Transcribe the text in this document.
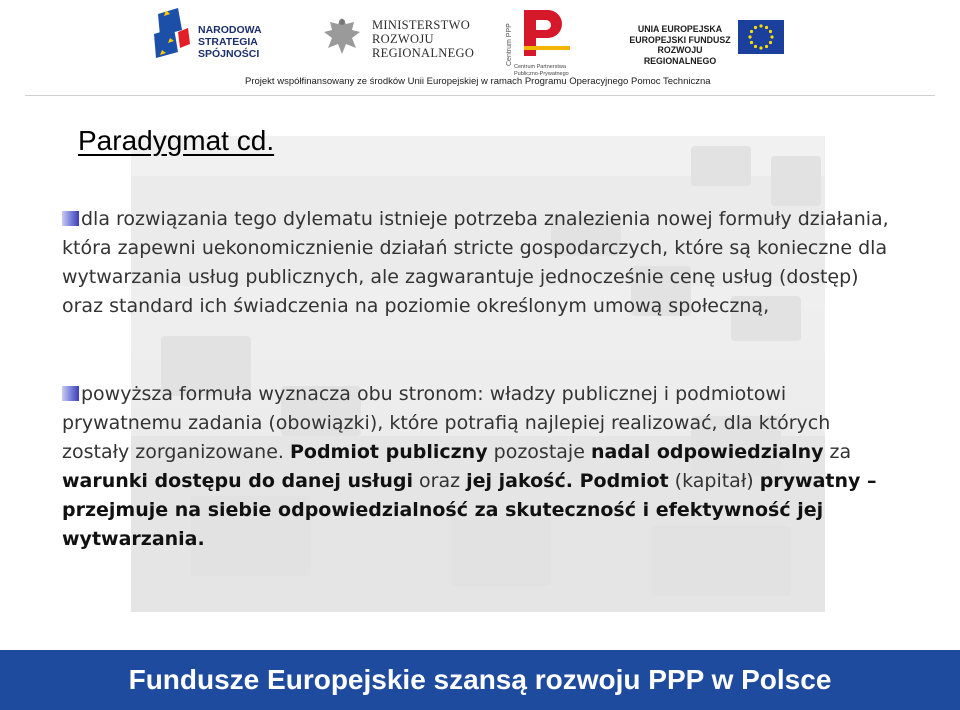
NARODOWA
STRATEGIA SPÓJNOŚCI
MINISTERSTWO
ROZWOJU
REGIONALNEGO	Centrum PPP
Centrum Partnerstwa
Publiczno-Prywatnego
UNIA EUROPEJSKA
EUROPEJSKI FUNDUSZ
ROZWOJU REGIONALNEGO
Projekt współfinansowany ze środków Unii Europejskiej w ramach Programu Operacyjnego Pomoc Techniczna
Paradygmat cd.

dla rozwiązania tego dylematu istnieje potrzeba znalezienia nowej formuły działania, która zapewni uekonomicznienie działań stricte gospodarczych, które są konieczne dla wytwarzania usług publicznych, ale zagwarantuje jednocześnie cenę usług (dostęp) oraz standard ich świadczenia na poziomie określonym umową społeczną,

powyższa formuła wyznacza obu stronom: władzy publicznej i podmiotowi prywatnemu zadania (obowiązki), które potrafią najlepiej realizować, dla których zostały zorganizowane. Podmiot publiczny pozostaje nadal odpowiedzialny za warunki dostępu do danej usługi oraz jej jakość. Podmiot (kapitał) prywatny – przejmuje na siebie odpowiedzialność za skuteczność i efektywność jej wytwarzania.

Fundusze Europejskie szansą rozwoju PPP w Polsce
